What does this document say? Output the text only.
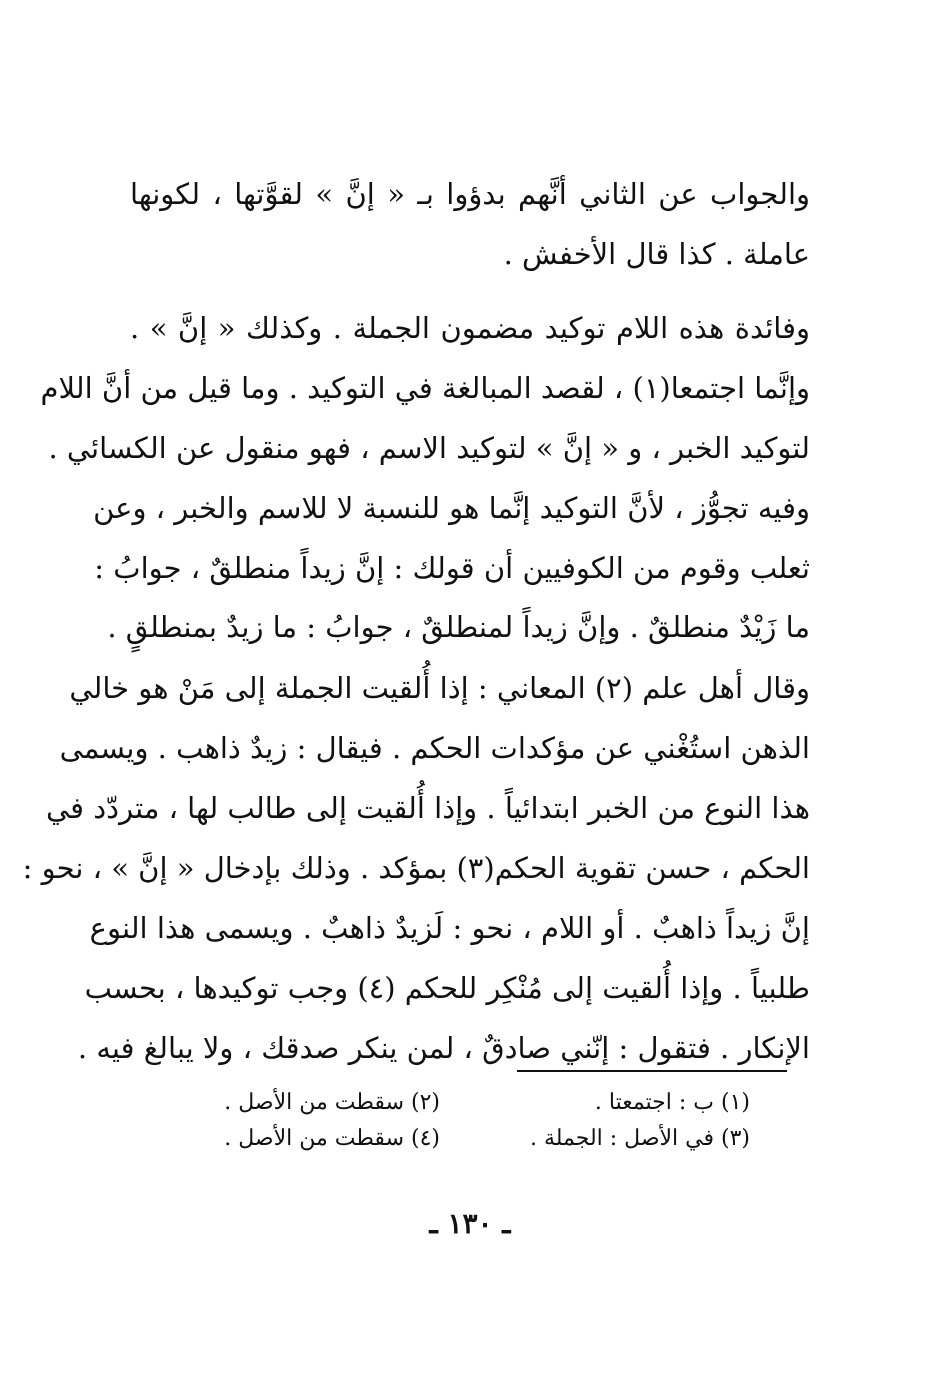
والجواب عن الثاني أنَّهم بدؤوا بـ « إنَّ » لقوَّتها ، لكونها
عاملة . كذا قال الأخفش .
وفائدة هذه اللام توكيد مضمون الجملة . وكذلك « إنَّ » .
وإنَّما اجتمعا(١) ، لقصد المبالغة في التوكيد . وما قيل من أنَّ اللام
لتوكيد الخبر ، و « إنَّ » لتوكيد الاسم ، فهو منقول عن الكسائي .
وفيه تجوُّز ، لأنَّ التوكيد إنَّما هو للنسبة لا للاسم والخبر ، وعن
ثعلب وقوم من الكوفيين أن قولك : إنَّ زيداً منطلقٌ ، جوابُ :
ما زَيْدٌ منطلقٌ . وإنَّ زيداً لمنطلقٌ ، جوابُ : ما زيدٌ بمنطلقٍ .
وقال أهل علم (٢) المعاني : إذا أُلقيت الجملة إلى مَنْ هو خالي
الذهن استُغْني عن مؤكدات الحكم . فيقال : زيدٌ ذاهب . ويسمى
هذا النوع من الخبر ابتدائياً . وإذا أُلقيت إلى طالب لها ، متردّد في
الحكم ، حسن تقوية الحكم(٣) بمؤكد . وذلك بإدخال « إنَّ » ، نحو :
إنَّ زيداً ذاهبٌ . أو اللام ، نحو : لَزيدٌ ذاهبٌ . ويسمى هذا النوع
طلبياً . وإذا أُلقيت إلى مُنْكِر للحكم (٤) وجب توكيدها ، بحسب
الإنكار . فتقول : إنّني صادقٌ ، لمن ينكر صدقك ، ولا يبالغ فيه .
(١) ب : اجتمعتا .
(٢) سقطت من الأصل .
(٣) في الأصل : الجملة .
(٤) سقطت من الأصل .
ـ ١٣٠ ـ
